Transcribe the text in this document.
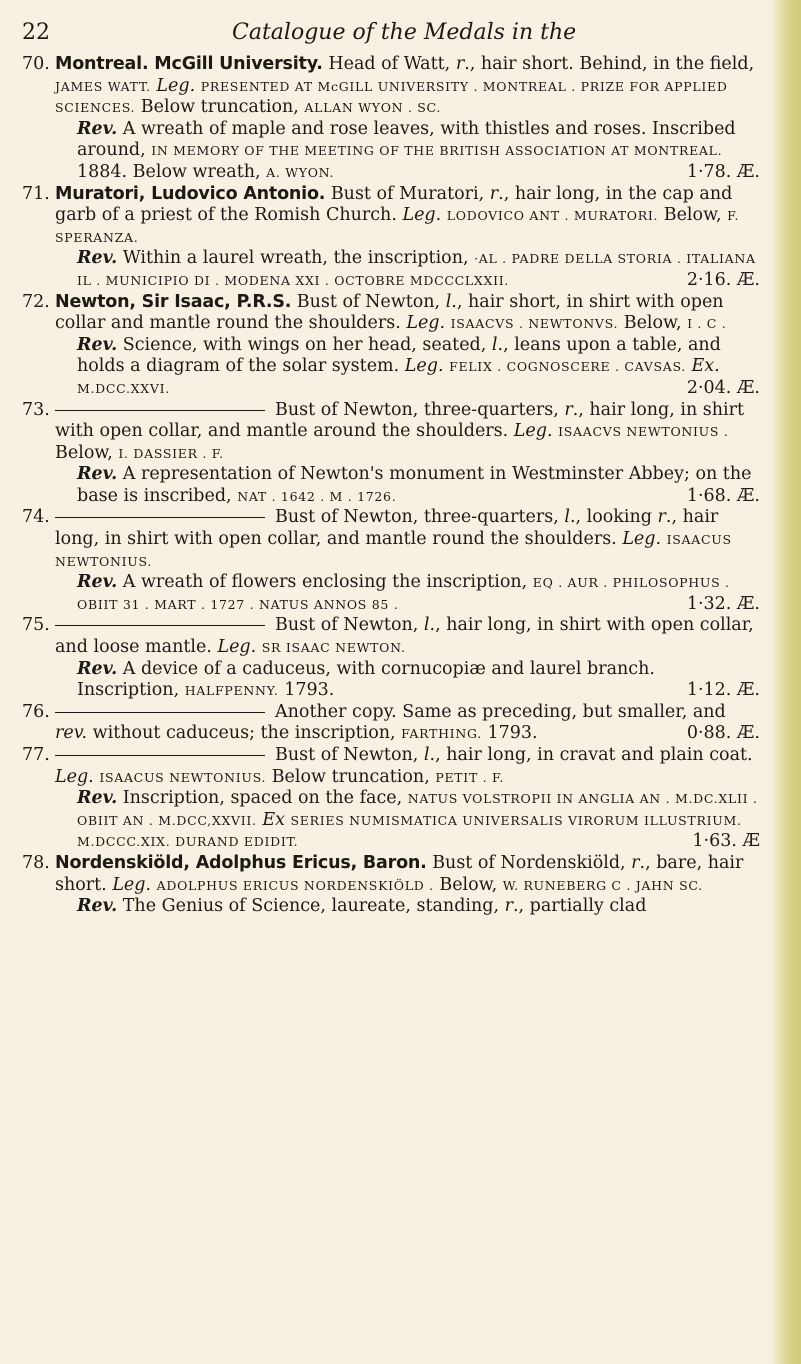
22	Catalogue of the Medals in the
70. Montreal. McGill University. Head of Watt, r., hair short. Behind, in the field, JAMES WATT. Leg. PRESENTED AT McGILL UNIVERSITY . MONTREAL . PRIZE FOR APPLIED SCIENCES. Below truncation, ALLAN WYON . SC.
Rev. A wreath of maple and rose leaves, with thistles and roses. Inscribed around, IN MEMORY OF THE MEETING OF THE BRITISH ASSOCIATION AT MONTREAL. 1884. Below wreath, A. WYON.	1·78. Æ.
71. Muratori, Ludovico Antonio. Bust of Muratori, r., hair long, in the cap and garb of a priest of the Romish Church. Leg. LODOVICO ANT . MURATORI. Below, F. SPERANZA.
Rev. Within a laurel wreath, the inscription, ·AL . PADRE DELLA STORIA . ITALIANA IL . MUNICIPIO DI . MODENA XXI . OCTOBRE MDCCCLXXII.	2·16. Æ.
72. Newton, Sir Isaac, P.R.S. Bust of Newton, l., hair short, in shirt with open collar and mantle round the shoulders. Leg. ISAACVS . NEWTONVS. Below, I . C .
Rev. Science, with wings on her head, seated, l., leans upon a table, and holds a diagram of the solar system. Leg. FELIX . COGNOSCERE . CAVSAS. Ex. M.DCC.XXVI.	2·04. Æ.
73.	Bust of Newton, three-quarters, r., hair long, in shirt with open collar, and mantle around the shoulders. Leg. ISAACVS NEWTONIUS . Below, I. DASSIER . F.
Rev. A representation of Newton's monument in Westminster Abbey; on the base is inscribed, NAT . 1642 . M . 1726.	1·68. Æ.
74.	Bust of Newton, three-quarters, l., looking r., hair long, in shirt with open collar, and mantle round the shoulders. Leg. ISAACUS NEWTONIUS.
Rev. A wreath of flowers enclosing the inscription, EQ . AUR . PHILOSOPHUS . OBIIT 31 . MART . 1727 . NATUS ANNOS 85 .	1·32. Æ.
75.	Bust of Newton, l., hair long, in shirt with open collar, and loose mantle. Leg. SR ISAAC NEWTON.
Rev. A device of a caduceus, with cornucopiæ and laurel branch. Inscription, HALFPENNY. 1793.	1·12. Æ.
76.	Another copy. Same as preceding, but smaller, and rev. without caduceus; the inscription, FARTHING. 1793.	0·88. Æ.
77.	Bust of Newton, l., hair long, in cravat and plain coat. Leg. ISAACUS NEWTONIUS. Below truncation, PETIT . F.
Rev. Inscription, spaced on the face, NATUS VOLSTROPII IN ANGLIA AN . M.DC.XLII . OBIIT AN . M.DCC,XXVII. Ex SERIES NUMISMATICA UNIVERSALIS VIRORUM ILLUSTRIUM. M.DCCC.XIX. DURAND EDIDIT.	1·63. Æ
78. Nordenskiöld, Adolphus Ericus, Baron. Bust of Nordenskiöld, r., bare, hair short. Leg. ADOLPHUS ERICUS NORDENSKIÖLD . Below, W. RUNEBERG C . JAHN SC.
Rev. The Genius of Science, laureate, standing, r., partially clad
